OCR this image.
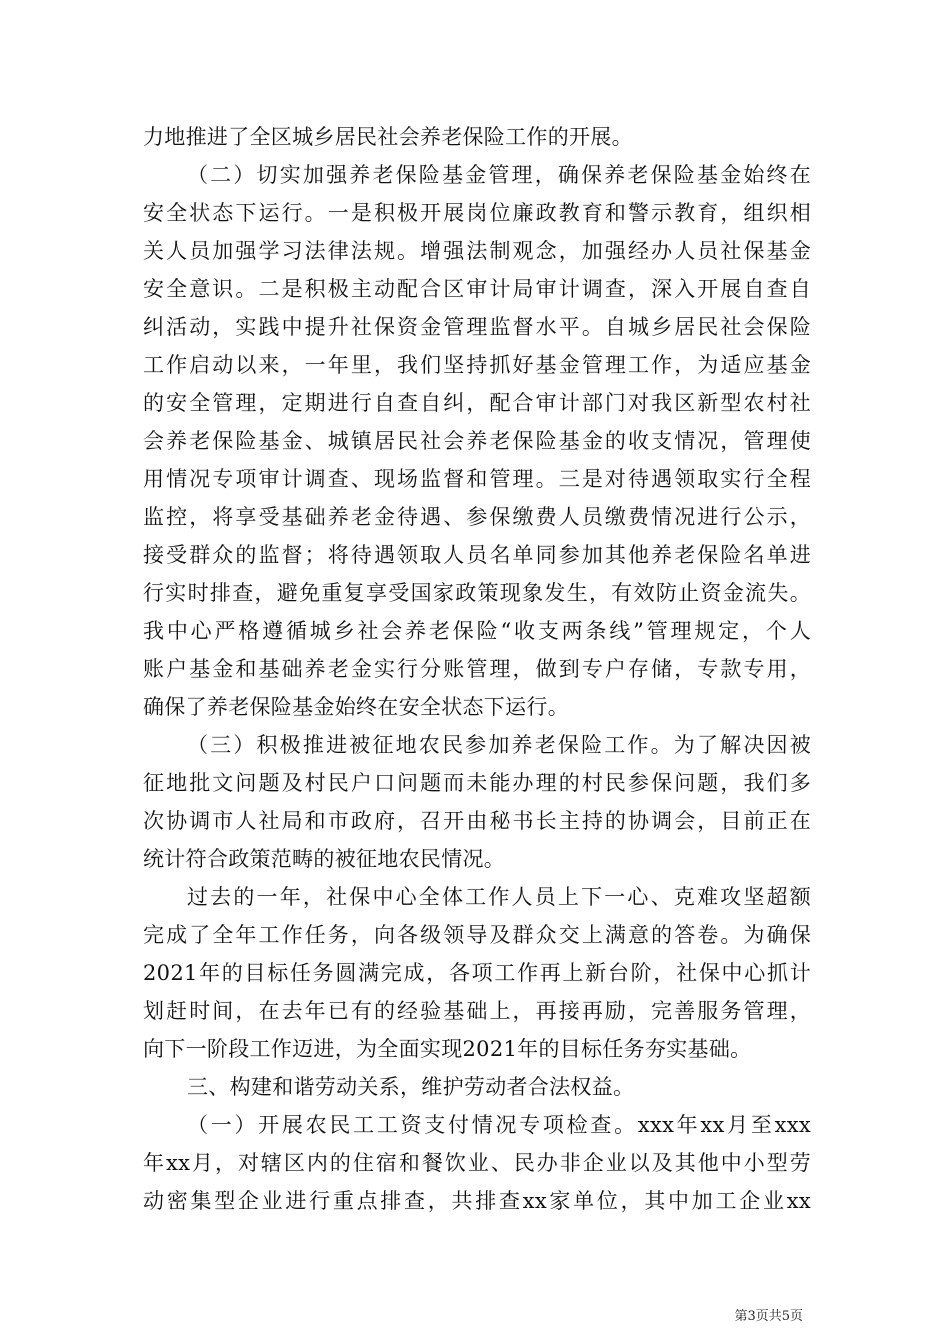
力地推进了全区城乡居民社会养老保险工作的开展。
（二）切实加强养老保险基金管理，确保养老保险基金始终在
安全状态下运行。一是积极开展岗位廉政教育和警示教育，组织相
关人员加强学习法律法规。增强法制观念，加强经办人员社保基金
安全意识。二是积极主动配合区审计局审计调查，深入开展自查自
纠活动，实践中提升社保资金管理监督水平。自城乡居民社会保险
工作启动以来，一年里，我们坚持抓好基金管理工作，为适应基金
的安全管理，定期进行自查自纠，配合审计部门对我区新型农村社
会养老保险基金、城镇居民社会养老保险基金的收支情况，管理使
用情况专项审计调查、现场监督和管理。三是对待遇领取实行全程
监控，将享受基础养老金待遇、参保缴费人员缴费情况进行公示，
接受群众的监督；将待遇领取人员名单同参加其他养老保险名单进
行实时排查，避免重复享受国家政策现象发生，有效防止资金流失。
我中心严格遵循城乡社会养老保险“收支两条线”管理规定，个人
账户基金和基础养老金实行分账管理，做到专户存储，专款专用，
确保了养老保险基金始终在安全状态下运行。
（三）积极推进被征地农民参加养老保险工作。为了解决因被
征地批文问题及村民户口问题而未能办理的村民参保问题，我们多
次协调市人社局和市政府，召开由秘书长主持的协调会，目前正在
统计符合政策范畴的被征地农民情况。
过去的一年，社保中心全体工作人员上下一心、克难攻坚超额
完成了全年工作任务，向各级领导及群众交上满意的答卷。为确保
2021年的目标任务圆满完成，各项工作再上新台阶，社保中心抓计
划赶时间，在去年已有的经验基础上，再接再励，完善服务管理，
向下一阶段工作迈进，为全面实现2021年的目标任务夯实基础。
三、构建和谐劳动关系，维护劳动者合法权益。
（一）开展农民工工资支付情况专项检查。xxx年xx月至xxx
年xx月，对辖区内的住宿和餐饮业、民办非企业以及其他中小型劳
动密集型企业进行重点排查，共排查xx家单位，其中加工企业xx
第3页共5页
